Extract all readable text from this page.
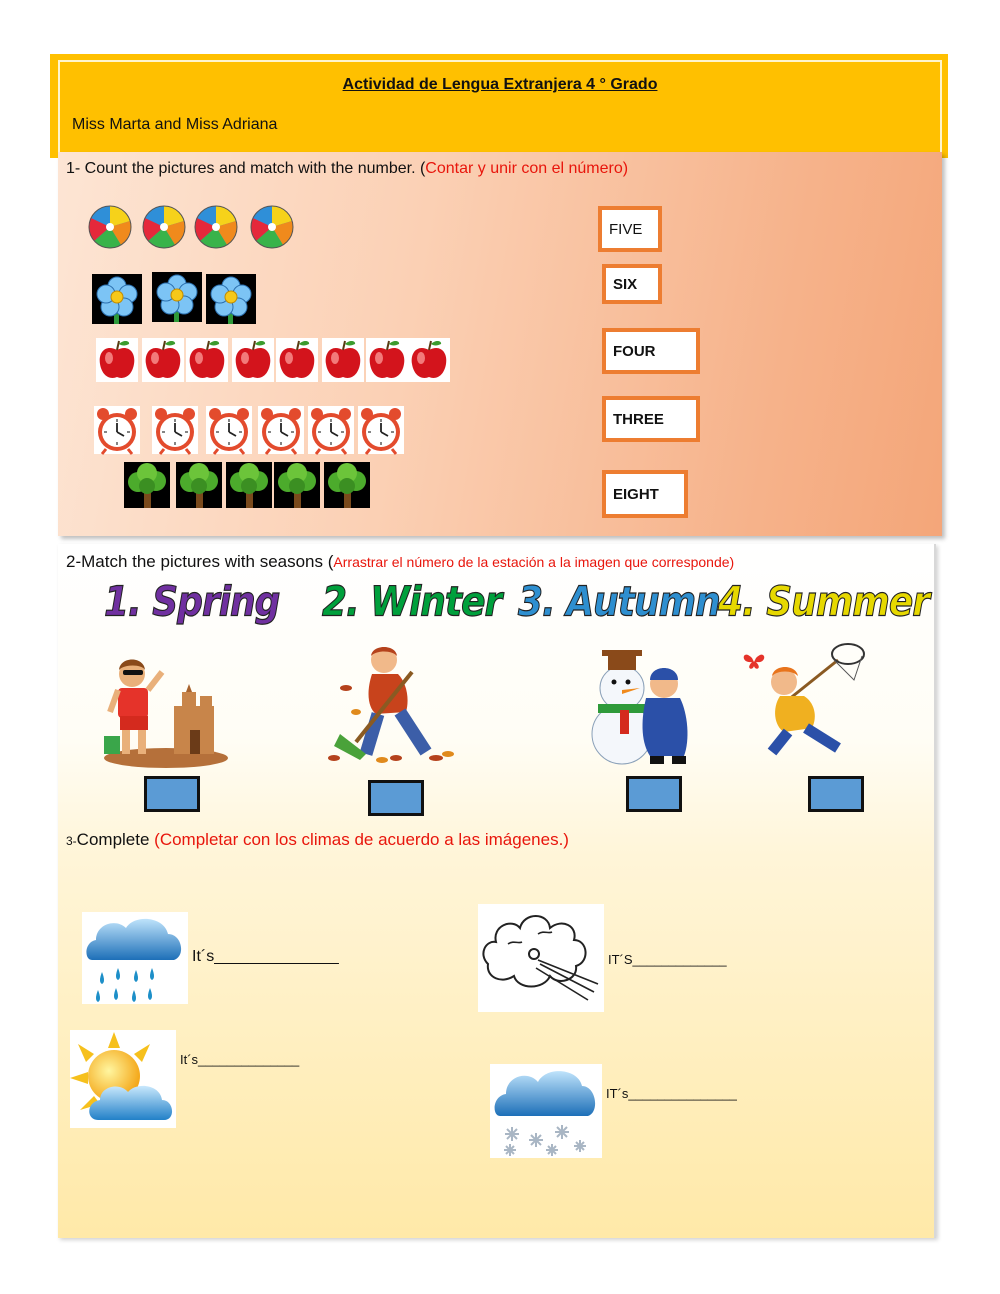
Actividad de Lengua Extranjera 4 ° Grado
Miss Marta and Miss Adriana
1- Count the pictures and match with the number. (Contar y unir con el número)
FIVE
SIX
FOUR
THREE
EIGHT
2-Match the pictures with seasons (Arrastrar el número de la estación a la imagen que corresponde)
1. Spring 2. Winter 3. Autumn
4. Summer
3-Complete (Completar con los climas de acuerdo a las imágenes.)
It´s______________	IT´S_____________
It´s______________
IT´s_______________
